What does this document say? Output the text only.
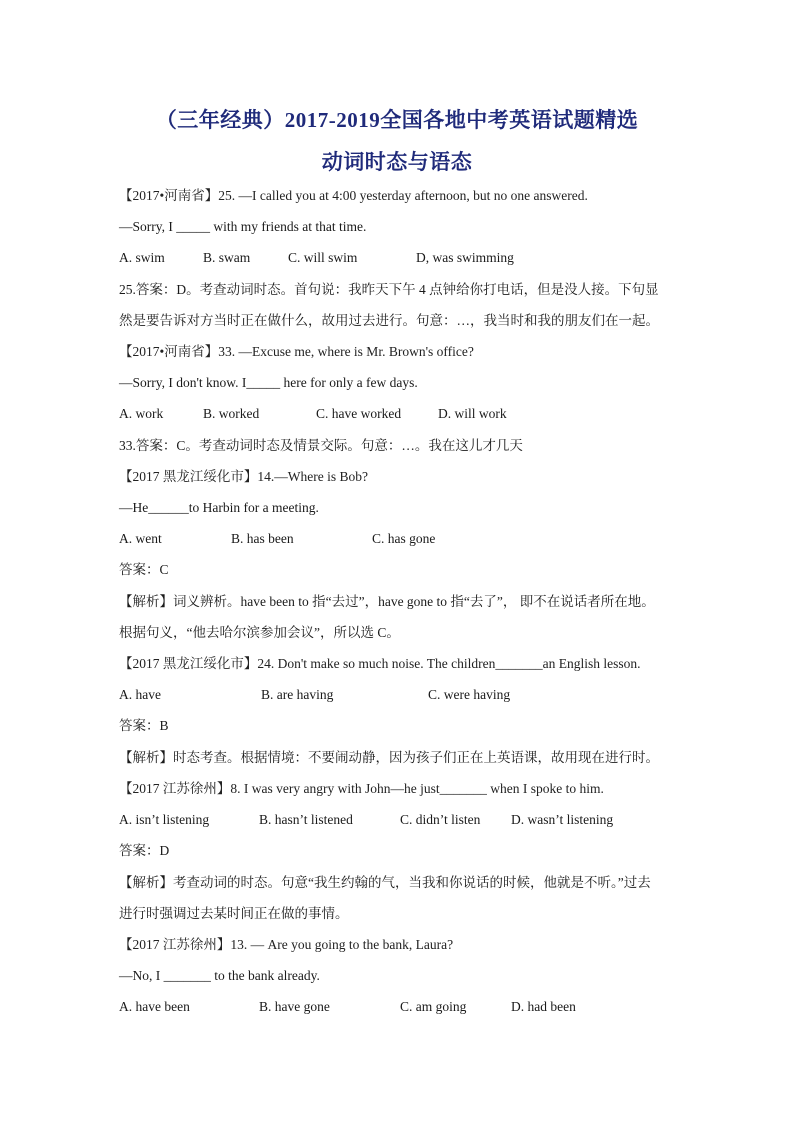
（三年经典）2017-2019全国各地中考英语试题精选
动词时态与语态
【2017•河南省】25. —I called you at 4:00 yesterday afternoon, but no one answered.
—Sorry, I _____ with my friends at that time.
A. swim	B. swam	C. will swim	D, was swimming
25.答案：D。考查动词时态。首句说：我昨天下午 4 点钟给你打电话，但是没人接。下句显
然是要告诉对方当时正在做什么，故用过去进行。句意：…，我当时和我的朋友们在一起。
【2017•河南省】33. —Excuse me, where is Mr. Brown's office?
—Sorry, I don't know. I_____ here for only a few days.
A. work	B. worked	C. have worked	D. will work
33.答案：C。考查动词时态及情景交际。句意：…。我在这儿才几天
【2017 黑龙江绥化市】14.—Where is Bob?
—He______to Harbin for a meeting.
A. went	B. has been	C. has gone
答案：C
【解析】词义辨析。have been to 指“去过”，have gone to 指“去了”， 即不在说话者所在地。
根据句义，“他去哈尔滨参加会议”，所以选 C。
【2017 黑龙江绥化市】24. Don't make so much noise. The children_______an English lesson.
A. have	B. are having	C. were having
答案：B
【解析】时态考查。根据情境：不要闹动静，因为孩子们正在上英语课，故用现在进行时。
【2017 江苏徐州】8. I was very angry with John—he just_______ when I spoke to him.
A. isn’t listening	B. hasn’t listened	C. didn’t listen D. wasn’t listening
答案：D
【解析】考查动词的时态。句意“我生约翰的气，当我和你说话的时候，他就是不听。”过去
进行时强调过去某时间正在做的事情。
【2017 江苏徐州】13. — Are you going to the bank, Laura?
—No, I _______ to the bank already.
A. have been	B. have gone	C. am going	D. had been
